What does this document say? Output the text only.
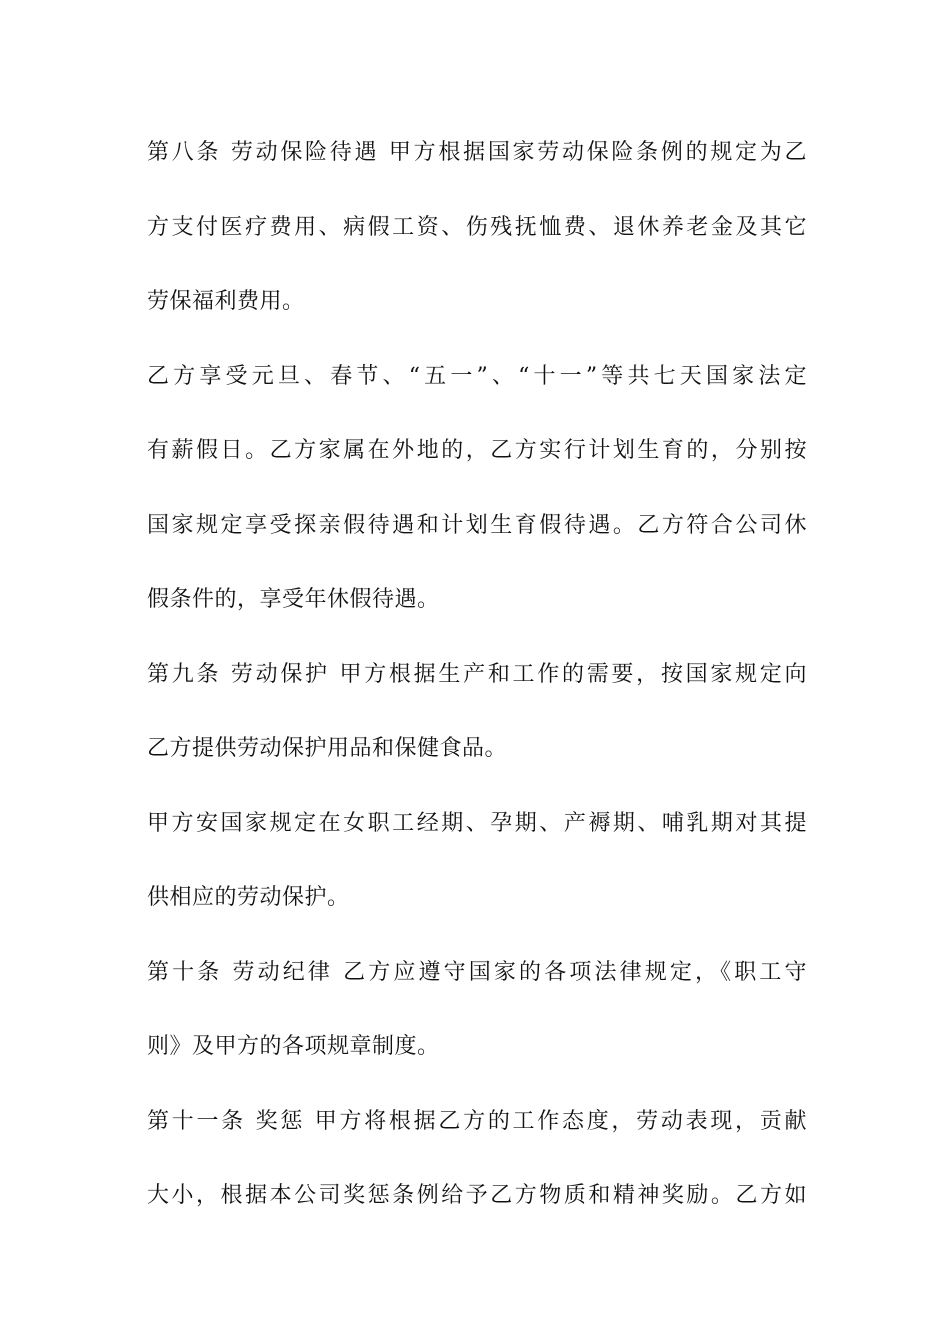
第八条 劳动保险待遇 甲方根据国家劳动保险条例的规定为乙
方支付医疗费用、病假工资、伤残抚恤费、退休养老金及其它
劳保福利费用。
乙方享受元旦、春节、“五一”、“十一”等共七天国家法定
有薪假日。乙方家属在外地的，乙方实行计划生育的，分别按
国家规定享受探亲假待遇和计划生育假待遇。乙方符合公司休
假条件的，享受年休假待遇。
第九条 劳动保护 甲方根据生产和工作的需要，按国家规定向
乙方提供劳动保护用品和保健食品。
甲方安国家规定在女职工经期、孕期、产褥期、哺乳期对其提
供相应的劳动保护。
第十条 劳动纪律 乙方应遵守国家的各项法律规定，《职工守
则》及甲方的各项规章制度。
第十一条 奖惩 甲方将根据乙方的工作态度，劳动表现，贡献
大小，根据本公司奖惩条例给予乙方物质和精神奖励。乙方如
